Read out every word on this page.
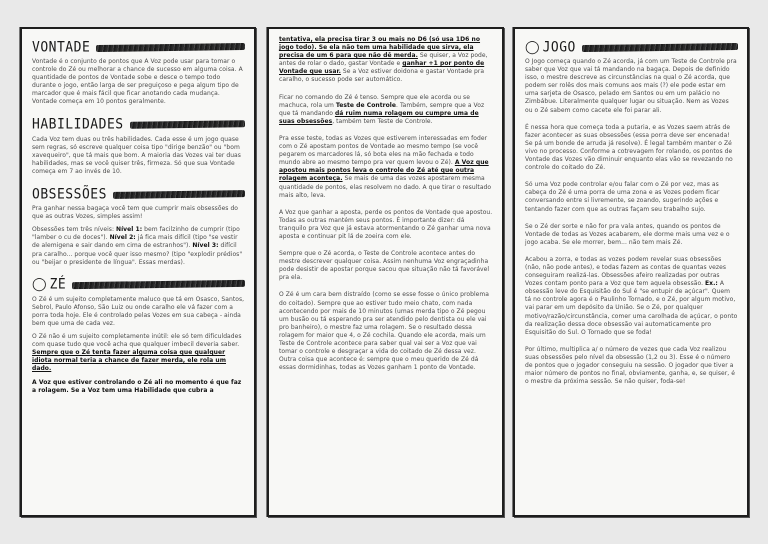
VONTADE

Vontade é o conjunto de pontos que A Voz pode usar para tomar o controle do Zé ou melhorar a chance de sucesso em alguma coisa. A quantidade de pontos de Vontade sobe e desce o tempo todo durante o jogo, então larga de ser preguiçoso e pega algum tipo de marcador que é mais fácil que ficar anotando cada mudança. Vontade começa em 10 pontos geralmente.

HABILIDADES

Cada Voz tem duas ou três habilidades. Cada esse é um jogo quase sem regras, só escreve qualquer coisa tipo "dirige benzão" ou "bom xavequeiro", que tá mais que bom. A maioria das Vozes vai ter duas habilidades, mas se você quiser três, firmeza. Só que sua Vontade começa em 7 ao invés de 10.

OBSESSÕES

Pra ganhar nessa bagaça você tem que cumprir mais obsessões do que as outras Vozes, simples assim!

Obsessões tem três níveis: Nível 1: bem facilzinho de cumprir (tipo "lamber o cu de doces"). Nível 2: já fica mais difícil (tipo "se vestir de alemigena e sair dando em cima de estranhos"). Nível 3: difícil pra caralho... porque você quer isso mesmo? (tipo "explodir prédios" ou "beijar o presidente de língua". Essas merdas).

◯ ZÉ

O Zé é um sujeito completamente maluco que tá em Osasco, Santos, Sebrol, Paulo Afonso, São Luiz ou onde caralho ele vá fazer com a porra toda hoje. Ele é controlado pelas Vozes em sua cabeça - ainda bem que uma de cada vez.

O Zé não é um sujeito completamente inútil: ele só tem dificuldades com quase tudo que você acha que qualquer imbecil deveria saber. Sempre que o Zé tenta fazer alguma coisa que qualquer idiota normal teria a chance de fazer merda, ele rola um dado.

A Voz que estiver controlando o Zé ali no momento é que faz a rolagem. Se a Voz tem uma Habilidade que cubra a

tentativa, ela precisa tirar 3 ou mais no D6 (só usa 1D6 no jogo todo). Se ela não tem uma habilidade que sirva, ela precisa de um 6 para que não dê merda. Se quiser, a Voz pode, antes de rolar o dado, gastar Vontade e ganhar +1 por ponto de Vontade que usar. Se a Voz estiver doidona e gastar Vontade pra caralho, o sucesso pode ser automático.

Ficar no comando do Zé é tenso. Sempre que ele acorda ou se machuca, rola um Teste de Controle. Também, sempre que a Voz que tá mandando dá ruim numa rolagem ou cumpre uma de suas obsessões, também tem Teste de Controle.

Pra esse teste, todas as Vozes que estiverem interessadas em foder com o Zé apostam pontos de Vontade ao mesmo tempo (se você pegarem os marcadores lá, só bota eles na mão fechada e todo mundo abre ao mesmo tempo pra ver quem levou o Zé). A Voz que apostou mais pontos leva o controle do Zé até que outra rolagem aconteça. Se mais de uma das vozes apostarem mesma quantidade de pontos, elas resolvem no dado. A que tirar o resultado mais alto, leva.

A Voz que ganhar a aposta, perde os pontos de Vontade que apostou. Todas as outras mantém seus pontos. É importante dizer: dá tranquilo pra Voz que já estava atormentando o Zé ganhar uma nova aposta e continuar pit lá de zoeira com ele.

Sempre que o Zé acorda, o Teste de Controle acontece antes do mestre descrever qualquer coisa. Assim nenhuma Voz engraçadinha pode desistir de apostar porque sacou que situação não tá favorável pra ela.

O Zé é um cara bem distraído (como se esse fosse o único problema do coitado). Sempre que ao estiver tudo meio chato, com nada acontecendo por mais de 10 minutos (umas merda tipo o Zé pegou um busão ou tá esperando pra ser atendido pelo dentista ou ele vai pro banheiro), o mestre faz uma rolagem. Se o resultado dessa rolagem for maior que 4, o Zé cochila. Quando ele acorda, mais um Teste de Controle acontece para saber qual vai ser a Voz que vai tomar o controle e desgraçar a vida do coitado de Zé dessa vez. Outra coisa que acontece é: sempre que o meu querido de Zé dá essas dormidinhas, todas as Vozes ganham 1 ponto de Vontade.

◯ JOGO

O Jogo começa quando o Zé acorda, já com um Teste de Controle pra saber que Voz que vai tá mandando na bagaça. Depois de definido isso, o mestre descreve as circunstâncias na qual o Zé acorda, que podem ser rolês dos mais comuns aos mais (?) ele pode estar em uma sarjeta de Osasco, pelado em Santos ou em um palácio no Zimbábue. Literalmente qualquer lugar ou situação. Nem as Vozes ou o Zé sabem como cacete ele foi parar ali.

É nessa hora que começa toda a putaria, e as Vozes saem atrás de fazer acontecer as suas obsessões (essa porra deve ser encenada! Se pá um bonde de arruda já resolve). É legal também manter o Zé vivo no processo. Conforme a cotrevagem for rolando, os pontos de Vontade das Vozes vão diminuir enquanto elas vão se revezando no controle do coitado do Zé.

Só uma Voz pode controlar e/ou falar com o Zé por vez, mas as cabeça do Zé é uma porra de uma zona e as Vozes podem ficar conversando entre si livremente, se zoando, sugerindo ações e tentando fazer com que as outras façam seu trabalho sujo.

Se o Zé der sorte e não for pra vala antes, quando os pontos de Vontade de todas as Vozes acabarem, ele dorme mais uma vez e o jogo acaba. Se ele morrer, bem... não tem mais Zé.

Acabou a zorra, e todas as vozes podem revelar suas obsessões (não, não pode antes), e todas fazem as contas de quantas vezes conseguiram realizá-las. Obsessões afeiro realizadas por outras Vozes contam ponto para a Voz que tem aquela obsessão. Ex.: A obsessão leve do Esquisitão do Sul é "se entupir de açúcar". Quem tá no controle agora é o Paulinho Tornado, e o Zé, por algum motivo, vai parar em um depósito da União. Se o Zé, por qualquer motivo/razão/circunstância, comer uma carolhada de açúcar, o ponto da realização dessa doce obsessão vai automaticamente pro Esquisitão do Sul. O Tornado que se foda!

Por último, multiplica a/ o número de vezes que cada Voz realizou suas obsessões pelo nível da obsessão (1,2 ou 3). Esse é o número de pontos que o jogador conseguiu na sessão. O jogador que tiver a maior número de pontos no final, obviamente, ganha, e, se quiser, é o mestre da próxima sessão. Se não quiser, foda-se!
